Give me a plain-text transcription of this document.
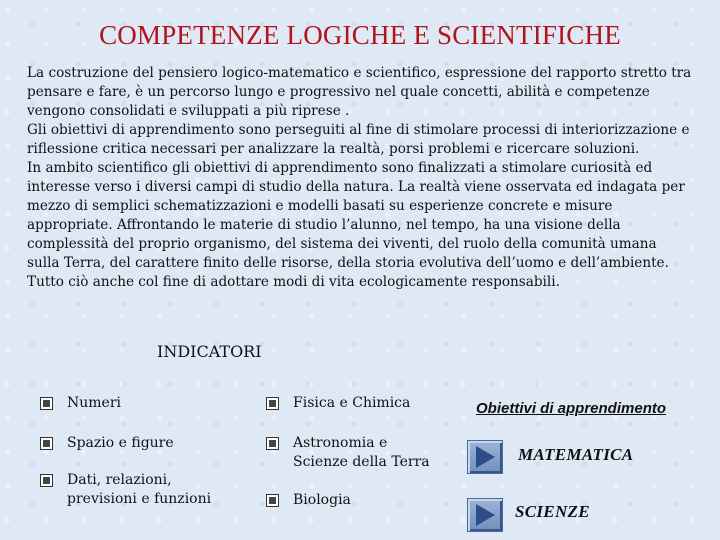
COMPETENZE LOGICHE E SCIENTIFICHE

La costruzione del pensiero logico-matematico e scientifico, espressione del rapporto stretto tra pensare e fare, è un percorso lungo e progressivo nel quale concetti, abilità e competenze vengono consolidati e sviluppati a più riprese .

Gli obiettivi di apprendimento sono perseguiti al fine di stimolare processi di interiorizzazione e riflessione critica necessari per analizzare la realtà, porsi problemi e ricercare soluzioni.

In ambito scientifico gli obiettivi di apprendimento sono finalizzati a stimolare curiosità ed interesse verso i diversi campi di studio della natura. La realtà viene osservata ed indagata per mezzo di semplici schematizzazioni e modelli basati su esperienze concrete e misure appropriate. Affrontando le materie di studio l’alunno, nel tempo, ha una visione della complessità del proprio organismo, del sistema dei viventi, del ruolo della comunità umana sulla Terra, del carattere finito delle risorse, della storia evolutiva dell’uomo e dell’ambiente. Tutto ciò anche col fine di adottare modi di vita ecologicamente responsabili.

INDICATORI
Numeri
Spazio e figure
Dati, relazioni, previsioni e funzioni
Fisica e Chimica
Astronomia e Scienze della Terra
Biologia
Obiettivi di apprendimento
MATEMATICA
SCIENZE
